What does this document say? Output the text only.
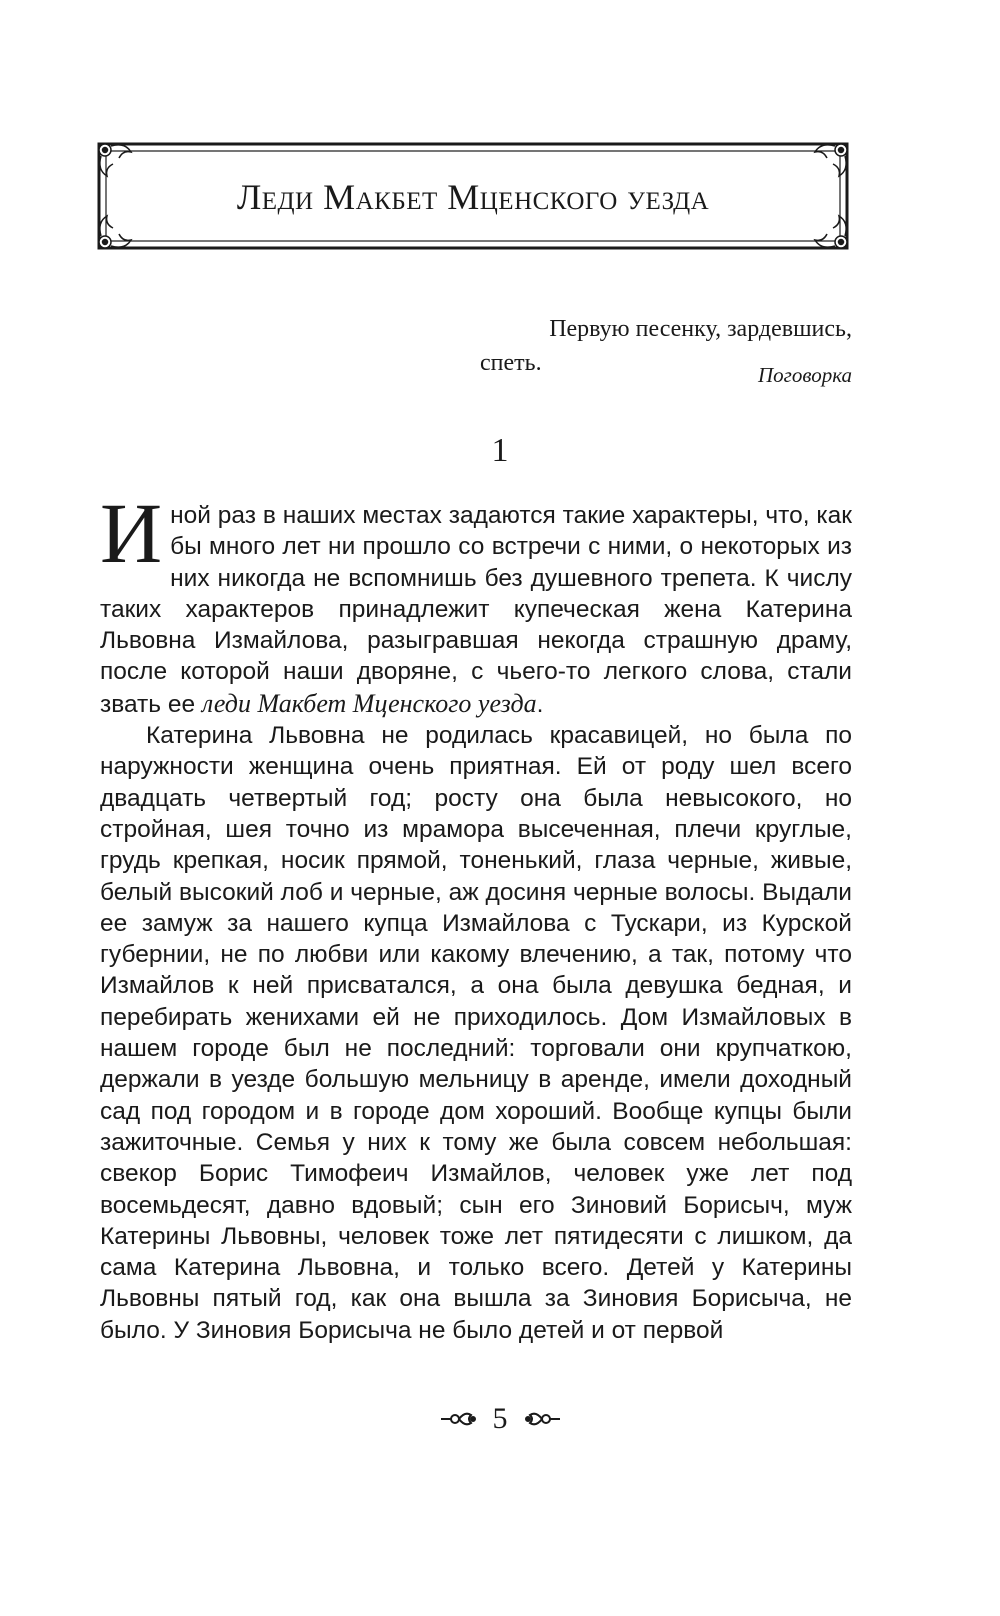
Леди Макбет Мценского уезда
Первую песенку, зардевшись,
спеть.	Поговорка
1

Иной раз в наших местах задаются такие характеры, что, как бы много лет ни прошло со встречи с ними, о некоторых из них никогда не вспомнишь без душевного трепета. К числу таких характеров принадлежит купеческая жена Катерина Львовна Измайлова, разыгравшая некогда страшную драму, после которой наши дворяне, с чьего-то легкого слова, стали звать ее леди Макбет Мценского уезда.

Катерина Львовна не родилась красавицей, но была по наружности женщина очень приятная. Ей от роду шел всего двадцать четвертый год; росту она была невысокого, но стройная, шея точно из мрамора высеченная, плечи круглые, грудь крепкая, носик прямой, тоненький, глаза черные, живые, белый высокий лоб и черные, аж досиня черные волосы. Выдали ее замуж за нашего купца Измайлова с Тускари, из Курской губернии, не по любви или какому влечению, а так, потому что Измайлов к ней присватался, а она была девушка бедная, и перебирать женихами ей не приходилось. Дом Измайловых в нашем городе был не последний: торговали они крупчаткою, держали в уезде большую мельницу в аренде, имели доходный сад под городом и в городе дом хороший. Вообще купцы были зажиточные. Семья у них к тому же была совсем небольшая: свекор Борис Тимофеич Измайлов, человек уже лет под восемьдесят, давно вдовый; сын его Зиновий Борисыч, муж Катерины Львовны, человек тоже лет пятидесяти с лишком, да сама Катерина Львовна, и только всего. Детей у Катерины Львовны пятый год, как она вышла за Зиновия Борисыча, не было. У Зиновия Борисыча не было детей и от первой

5
